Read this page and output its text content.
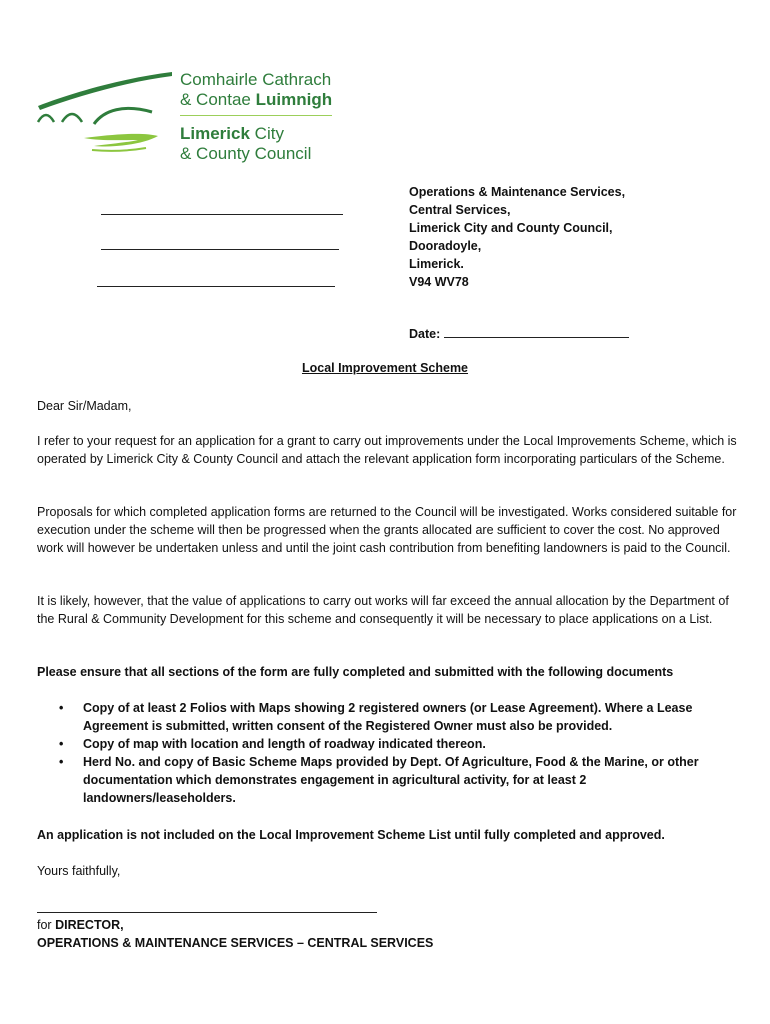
Comhairle Cathrach
& Contae Luimnigh
Limerick City
& County Council
Operations & Maintenance Services,
Central Services,
Limerick City and County Council,
Dooradoyle,
Limerick.
V94 WV78
Date:
Local Improvement Scheme
Dear Sir/Madam,
I refer to your request for an application for a grant to carry out improvements under the Local Improvements Scheme, which is operated by Limerick City & County Council and attach the relevant application form incorporating particulars of the Scheme.
Proposals for which completed application forms are returned to the Council will be investigated. Works considered suitable for execution under the scheme will then be progressed when the grants allocated are sufficient to cover the cost. No approved work will however be undertaken unless and until the joint cash contribution from benefiting landowners is paid to the Council.
It is likely, however, that the value of applications to carry out works will far exceed the annual allocation by the Department of the Rural & Community Development for this scheme and consequently it will be necessary to place applications on a List.
Please ensure that all sections of the form are fully completed and submitted with the following documents
• Copy of at least 2 Folios with Maps showing 2 registered owners (or Lease Agreement). Where a Lease Agreement is submitted, written consent of the Registered Owner must also be provided.
• Copy of map with location and length of roadway indicated thereon.
• Herd No. and copy of Basic Scheme Maps provided by Dept. Of Agriculture, Food & the Marine, or other documentation which demonstrates engagement in agricultural activity, for at least 2 landowners/leaseholders.
An application is not included on the Local Improvement Scheme List until fully completed and approved.
Yours faithfully,
for DIRECTOR,
OPERATIONS & MAINTENANCE SERVICES – CENTRAL SERVICES
